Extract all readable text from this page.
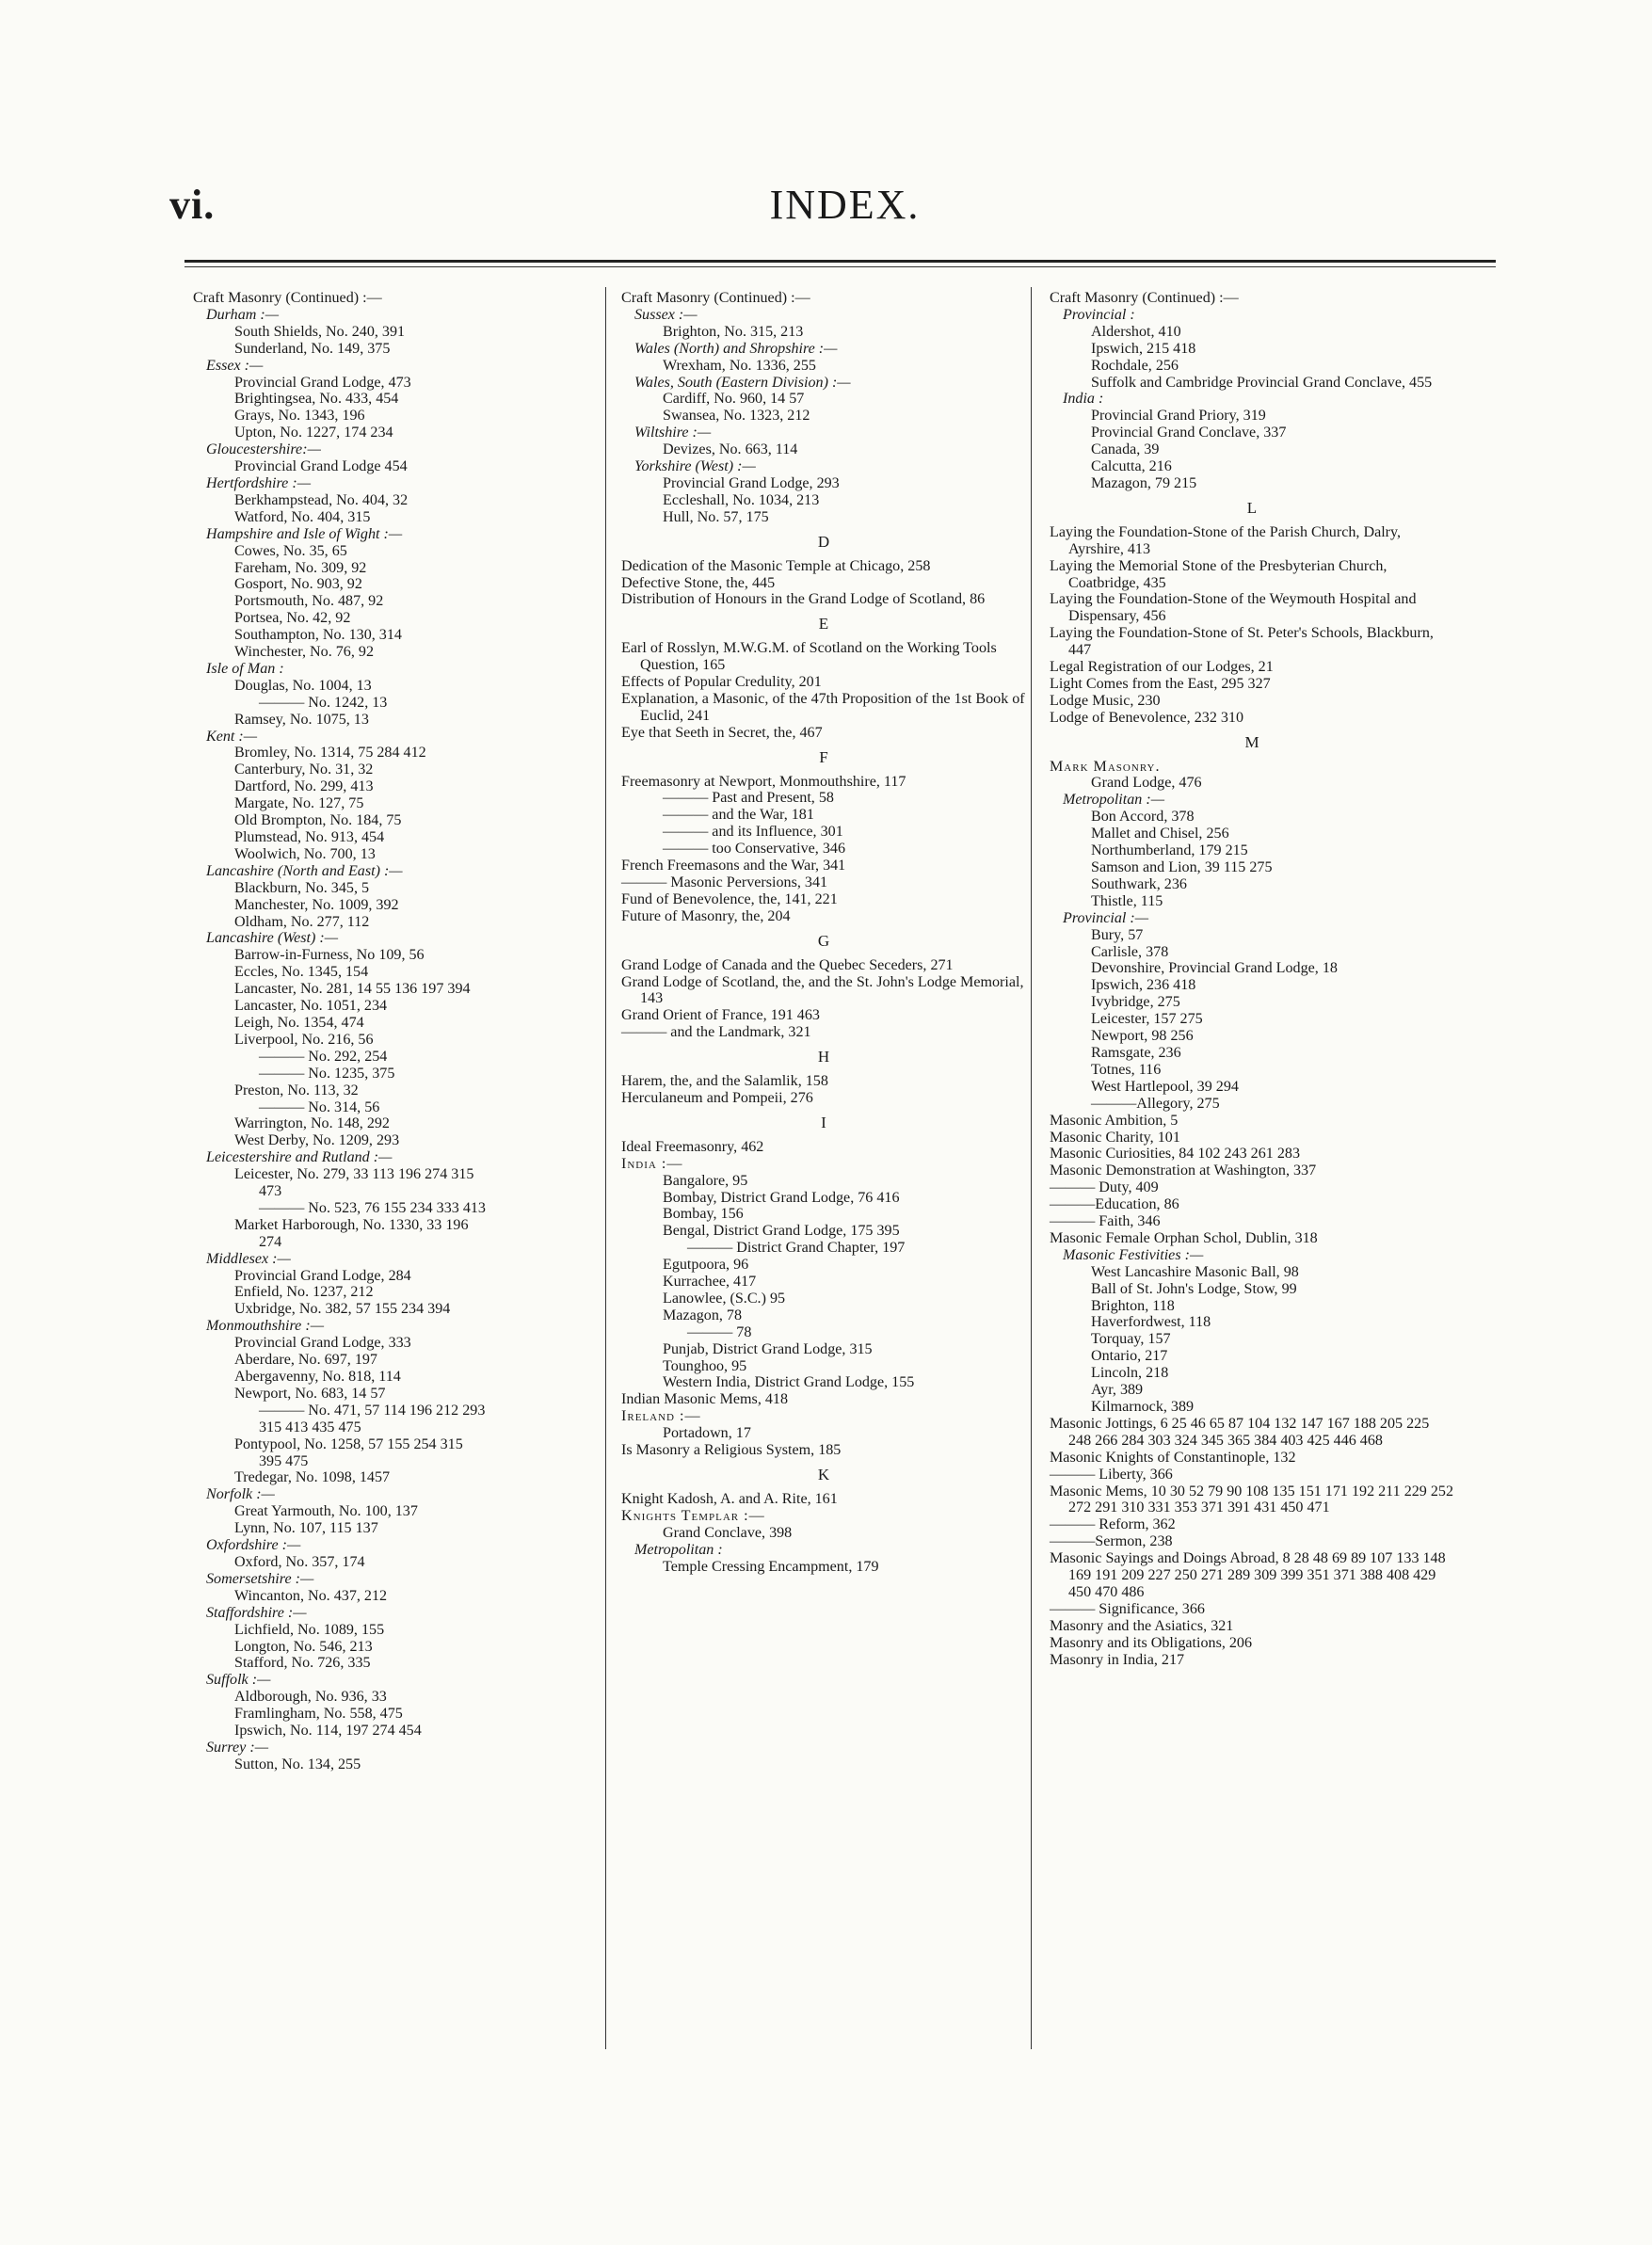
vi.	INDEX.
Craft Masonry (Continued) :—
Durham :—
South Shields, No. 240, 391
Sunderland, No. 149, 375
Essex :—
Provincial Grand Lodge, 473
Brightingsea, No. 433, 454
Grays, No. 1343, 196
Upton, No. 1227, 174 234
Gloucestershire:—
Provincial Grand Lodge 454
Hertfordshire :—
Berkhampstead, No. 404, 32
Watford, No. 404, 315
Hampshire and Isle of Wight :—
Cowes, No. 35, 65
Fareham, No. 309, 92
Gosport, No. 903, 92
Portsmouth, No. 487, 92
Portsea, No. 42, 92
Southampton, No. 130, 314
Winchester, No. 76, 92
Isle of Man :
Douglas, No. 1004, 13
——— No. 1242, 13
Ramsey, No. 1075, 13
Kent :—
Bromley, No. 1314, 75 284 412
Canterbury, No. 31, 32
Dartford, No. 299, 413
Margate, No. 127, 75
Old Brompton, No. 184, 75
Plumstead, No. 913, 454
Woolwich, No. 700, 13
Lancashire (North and East) :—
Blackburn, No. 345, 5
Manchester, No. 1009, 392
Oldham, No. 277, 112
Lancashire (West) :—
Barrow-in-Furness, No 109, 56
Eccles, No. 1345, 154
Lancaster, No. 281, 14 55 136 197 394
Lancaster, No. 1051, 234
Leigh, No. 1354, 474
Liverpool, No. 216, 56
——— No. 292, 254
——— No. 1235, 375
Preston, No. 113, 32
——— No. 314, 56
Warrington, No. 148, 292
West Derby, No. 1209, 293
Leicestershire and Rutland :—
Leicester, No. 279, 33 113 196 274 315
473
——— No. 523, 76 155 234 333 413
Market Harborough, No. 1330, 33 196
274
Middlesex :—
Provincial Grand Lodge, 284
Enfield, No. 1237, 212
Uxbridge, No. 382, 57 155 234 394
Monmouthshire :—
Provincial Grand Lodge, 333
Aberdare, No. 697, 197
Abergavenny, No. 818, 114
Newport, No. 683, 14 57
——— No. 471, 57 114 196 212 293
315 413 435 475
Pontypool, No. 1258, 57 155 254 315
395 475
Tredegar, No. 1098, 1457
Norfolk :—
Great Yarmouth, No. 100, 137
Lynn, No. 107, 115 137
Oxfordshire :—
Oxford, No. 357, 174
Somersetshire :—
Wincanton, No. 437, 212
Staffordshire :—
Lichfield, No. 1089, 155
Longton, No. 546, 213
Stafford, No. 726, 335
Suffolk :—
Aldborough, No. 936, 33
Framlingham, No. 558, 475
Ipswich, No. 114, 197 274 454
Surrey :—
Sutton, No. 134, 255
Craft Masonry (Continued) :—
Sussex :—
Brighton, No. 315, 213
Wales (North) and Shropshire :—
Wrexham, No. 1336, 255
Wales, South (Eastern Division) :—
Cardiff, No. 960, 14 57
Swansea, No. 1323, 212
Wiltshire :—
Devizes, No. 663, 114
Yorkshire (West) :—
Provincial Grand Lodge, 293
Eccleshall, No. 1034, 213
Hull, No. 57, 175
D
Dedication of the Masonic Temple at Chicago, 258
Defective Stone, the, 445
Distribution of Honours in the Grand Lodge of Scotland, 86
E
Earl of Rosslyn, M.W.G.M. of Scotland on the Working Tools Question, 165
Effects of Popular Credulity, 201
Explanation, a Masonic, of the 47th Proposition of the 1st Book of Euclid, 241
Eye that Seeth in Secret, the, 467
F
Freemasonry at Newport, Monmouthshire, 117
——— Past and Present, 58
——— and the War, 181
——— and its Influence, 301
——— too Conservative, 346
French Freemasons and the War, 341
——— Masonic Perversions, 341
Fund of Benevolence, the, 141, 221
Future of Masonry, the, 204
G
Grand Lodge of Canada and the Quebec Seceders, 271
Grand Lodge of Scotland, the, and the St. John's Lodge Memorial, 143
Grand Orient of France, 191 463
——— and the Landmark, 321
H
Harem, the, and the Salamlik, 158
Herculaneum and Pompeii, 276
I
Ideal Freemasonry, 462
India :—
Bangalore, 95
Bombay, District Grand Lodge, 76 416
Bombay, 156
Bengal, District Grand Lodge, 175 395
——— District Grand Chapter, 197
Egutpoora, 96
Kurrachee, 417
Lanowlee, (S.C.) 95
Mazagon, 78
——— 78
Punjab, District Grand Lodge, 315
Tounghoo, 95
Western India, District Grand Lodge, 155
Indian Masonic Mems, 418
Ireland :—
Portadown, 17
Is Masonry a Religious System, 185
K
Knight Kadosh, A. and A. Rite, 161
Knights Templar :—
Grand Conclave, 398
Metropolitan :
Temple Cressing Encampment, 179
Craft Masonry (Continued) :—
Provincial :
Aldershot, 410
Ipswich, 215 418
Rochdale, 256
Suffolk and Cambridge Provincial Grand Conclave, 455
India :
Provincial Grand Priory, 319
Provincial Grand Conclave, 337
Canada, 39
Calcutta, 216
Mazagon, 79 215
L
Laying the Foundation-Stone of the Parish Church, Dalry, Ayrshire, 413
Laying the Memorial Stone of the Presbyterian Church, Coatbridge, 435
Laying the Foundation-Stone of the Weymouth Hospital and Dispensary, 456
Laying the Foundation-Stone of St. Peter's Schools, Blackburn, 447
Legal Registration of our Lodges, 21
Light Comes from the East, 295 327
Lodge Music, 230
Lodge of Benevolence, 232 310
M
Mark Masonry.
Grand Lodge, 476
Metropolitan :—
Bon Accord, 378
Mallet and Chisel, 256
Northumberland, 179 215
Samson and Lion, 39 115 275
Southwark, 236
Thistle, 115
Provincial :—
Bury, 57
Carlisle, 378
Devonshire, Provincial Grand Lodge, 18
Ipswich, 236 418
Ivybridge, 275
Leicester, 157 275
Newport, 98 256
Ramsgate, 236
Totnes, 116
West Hartlepool, 39 294
———Allegory, 275
Masonic Ambition, 5
Masonic Charity, 101
Masonic Curiosities, 84 102 243 261 283
Masonic Demonstration at Washington, 337
——— Duty, 409
———Education, 86
——— Faith, 346
Masonic Female Orphan Schol, Dublin, 318
Masonic Festivities :—
West Lancashire Masonic Ball, 98
Ball of St. John's Lodge, Stow, 99
Brighton, 118
Haverfordwest, 118
Torquay, 157
Ontario, 217
Lincoln, 218
Ayr, 389
Kilmarnock, 389
Masonic Jottings, 6 25 46 65 87 104 132 147 167 188 205 225 248 266 284 303 324 345 365 384 403 425 446 468
Masonic Knights of Constantinople, 132
——— Liberty, 366
Masonic Mems, 10 30 52 79 90 108 135 151 171 192 211 229 252 272 291 310 331 353 371 391 431 450 471
——— Reform, 362
———Sermon, 238
Masonic Sayings and Doings Abroad, 8 28 48 69 89 107 133 148 169 191 209 227 250 271 289 309 399 351 371 388 408 429 450 470 486
——— Significance, 366
Masonry and the Asiatics, 321
Masonry and its Obligations, 206
Masonry in India, 217
